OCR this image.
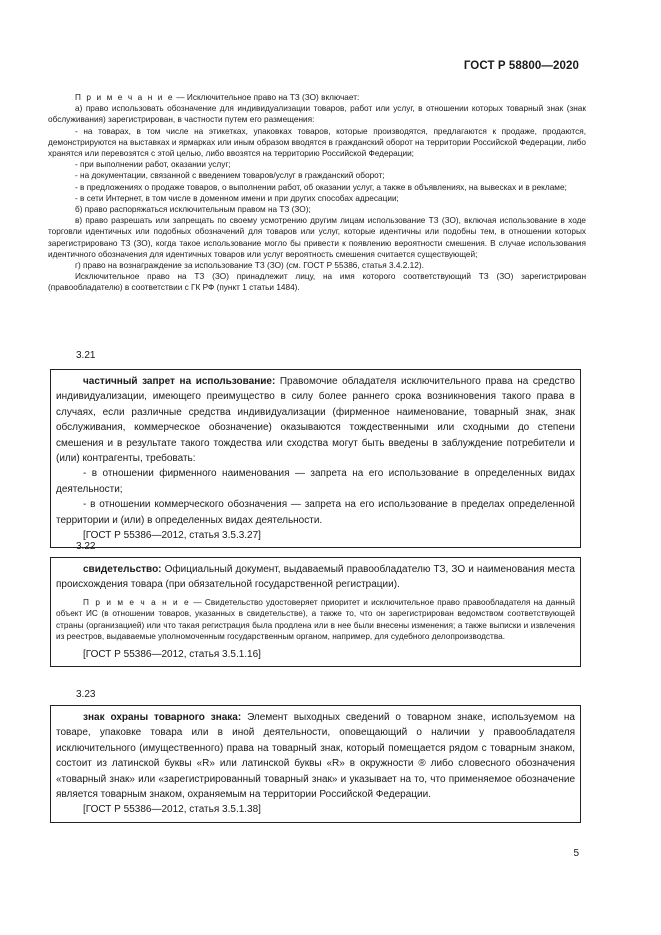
ГОСТ Р 58800—2020

П р и м е ч а н и е — Исключительное право на ТЗ (ЗО) включает:

а) право использовать обозначение для индивидуализации товаров, работ или услуг, в отношении которых товарный знак (знак обслуживания) зарегистрирован, в частности путем его размещения:

- на товарах, в том числе на этикетках, упаковках товаров, которые производятся, предлагаются к продаже, продаются, демонстрируются на выставках и ярмарках или иным образом вводятся в гражданский оборот на территории Российской Федерации, либо хранятся или перевозятся с этой целью, либо ввозятся на территорию Российской Федерации;

- при выполнении работ, оказании услуг;

- на документации, связанной с введением товаров/услуг в гражданский оборот;

- в предложениях о продаже товаров, о выполнении работ, об оказании услуг, а также в объявлениях, на вывесках и в рекламе;

- в сети Интернет, в том числе в доменном имени и при других способах адресации;

б) право распоряжаться исключительным правом на ТЗ (ЗО);

в) право разрешать или запрещать по своему усмотрению другим лицам использование ТЗ (ЗО), включая использование в ходе торговли идентичных или подобных обозначений для товаров или услуг, которые идентичны или подобны тем, в отношении которых зарегистрировано ТЗ (ЗО), когда такое использование могло бы привести к появлению вероятности смешения. В случае использования идентичного обозначения для идентичных товаров или услуг вероятность смешения считается существующей;

г) право на вознаграждение за использование ТЗ (ЗО) (см. ГОСТ Р 55386, статья 3.4.2.12).

Исключительное право на ТЗ (ЗО) принадлежит лицу, на имя которого соответствующий ТЗ (ЗО) зарегистрирован (правообладателю) в соответствии с ГК РФ (пункт 1 статьи 1484).

3.21

частичный запрет на использование: Правомочие обладателя исключительного права на средство индивидуализации, имеющего преимущество в силу более раннего срока возникновения такого права в случаях, если различные средства индивидуализации (фирменное наименование, товарный знак, знак обслуживания, коммерческое обозначение) оказываются тождественными или сходными до степени смешения и в результате такого тождества или сходства могут быть введены в заблуждение потребители и (или) контрагенты, требовать:

- в отношении фирменного наименования — запрета на его использование в определенных видах деятельности;

- в отношении коммерческого обозначения — запрета на его использование в пределах определенной территории и (или) в определенных видах деятельности.

[ГОСТ Р 55386—2012, статья 3.5.3.27]

3.22

свидетельство: Официальный документ, выдаваемый правообладателю ТЗ, ЗО и наименования места происхождения товара (при обязательной государственной регистрации).

П р и м е ч а н и е — Свидетельство удостоверяет приоритет и исключительное право правообладателя на данный объект ИС (в отношении товаров, указанных в свидетельстве), а также то, что он зарегистрирован ведомством соответствующей страны (организацией) или что такая регистрация была продлена или в нее были внесены изменения; а также выписки и извлечения из реестров, выдаваемые уполномоченным государственным органом, например, для судебного делопроизводства.

[ГОСТ Р 55386—2012, статья 3.5.1.16]

3.23

знак охраны товарного знака: Элемент выходных сведений о товарном знаке, используемом на товаре, упаковке товара или в иной деятельности, оповещающий о наличии у правообладателя исключительного (имущественного) права на товарный знак, который помещается рядом с товарным знаком, состоит из латинской буквы «R» или латинской буквы «R» в окружности ® либо словесного обозначения «товарный знак» или «зарегистрированный товарный знак» и указывает на то, что применяемое обозначение является товарным знаком, охраняемым на территории Российской Федерации.

[ГОСТ Р 55386—2012, статья 3.5.1.38]

5
